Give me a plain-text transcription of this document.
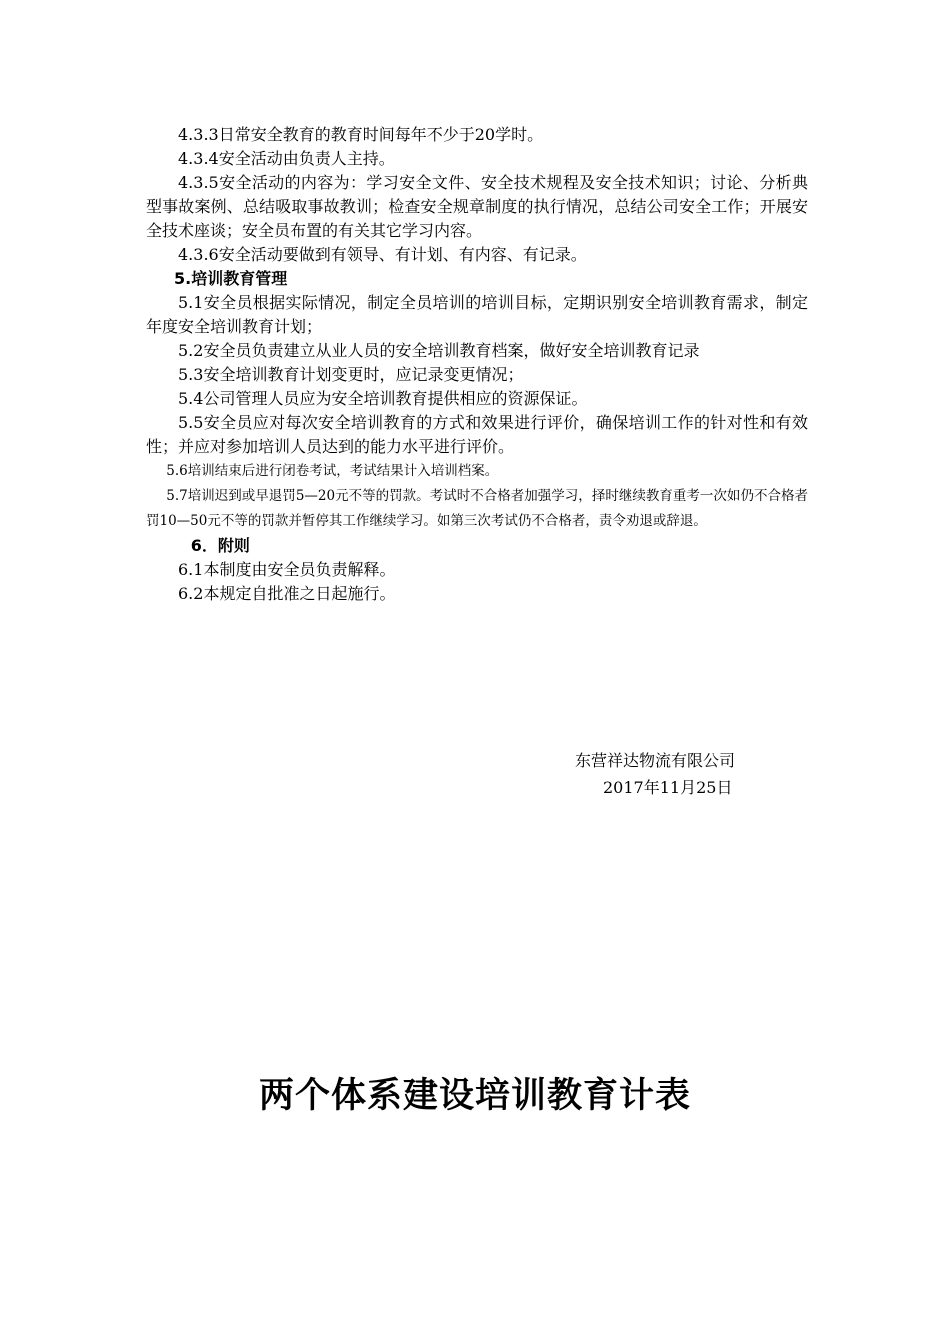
4.3.3日常安全教育的教育时间每年不少于20学时。

4.3.4安全活动由负责人主持。

4.3.5安全活动的内容为：学习安全文件、安全技术规程及安全技术知识；讨论、分析典型事故案例、总结吸取事故教训；检查安全规章制度的执行情况，总结公司安全工作；开展安全技术座谈；安全员布置的有关其它学习内容。

4.3.6安全活动要做到有领导、有计划、有内容、有记录。

5.培训教育管理

5.1安全员根据实际情况，制定全员培训的培训目标，定期识别安全培训教育需求，制定年度安全培训教育计划；

5.2安全员负责建立从业人员的安全培训教育档案，做好安全培训教育记录

5.3安全培训教育计划变更时，应记录变更情况；

5.4公司管理人员应为安全培训教育提供相应的资源保证。

5.5安全员应对每次安全培训教育的方式和效果进行评价，确保培训工作的针对性和有效性；并应对参加培训人员达到的能力水平进行评价。

5.6培训结束后进行闭卷考试，考试结果计入培训档案。

5.7培训迟到或早退罚5—20元不等的罚款。考试时不合格者加强学习，择时继续教育重考一次如仍不合格者罚10—50元不等的罚款并暂停其工作继续学习。如第三次考试仍不合格者，责令劝退或辞退。

6．附则

6.1本制度由安全员负责解释。

6.2本规定自批准之日起施行。

东营祥达物流有限公司
2017年11月25日
两个体系建设培训教育计表
